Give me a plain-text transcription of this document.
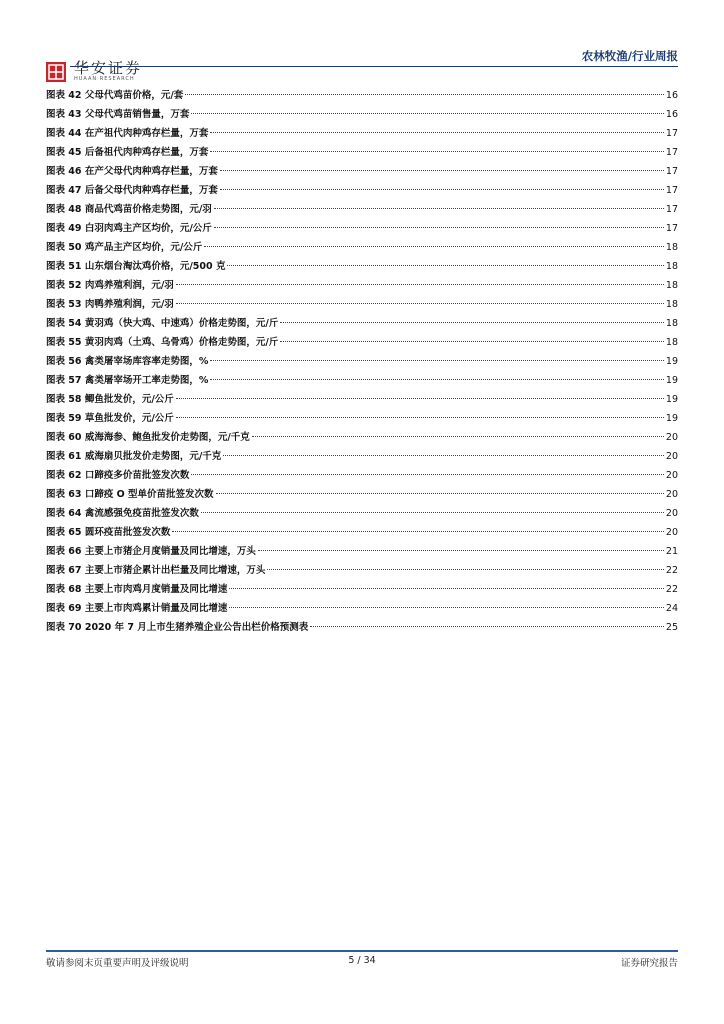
华安证券
HUAAN RESEARCH
农林牧渔/行业周报
图表 42 父母代鸡苗价格，元/套	16
图表 43 父母代鸡苗销售量，万套	16
图表 44 在产祖代肉种鸡存栏量，万套	17
图表 45 后备祖代肉种鸡存栏量，万套	17
图表 46 在产父母代肉种鸡存栏量，万套	17
图表 47 后备父母代肉种鸡存栏量，万套	17
图表 48 商品代鸡苗价格走势图，元/羽	17
图表 49 白羽肉鸡主产区均价，元/公斤	17
图表 50 鸡产品主产区均价，元/公斤	18
图表 51 山东烟台淘汰鸡价格，元/500 克	18
图表 52 肉鸡养殖利润，元/羽	18
图表 53 肉鸭养殖利润，元/羽	18
图表 54 黄羽鸡（快大鸡、中速鸡）价格走势图，元/斤	18
图表 55 黄羽肉鸡（土鸡、乌骨鸡）价格走势图，元/斤	18
图表 56 禽类屠宰场库容率走势图，%	19
图表 57 禽类屠宰场开工率走势图，%	19
图表 58 鲫鱼批发价，元/公斤	19
图表 59 草鱼批发价，元/公斤	19
图表 60 威海海参、鲍鱼批发价走势图，元/千克	20
图表 61 威海扇贝批发价走势图，元/千克	20
图表 62 口蹄疫多价苗批签发次数	20
图表 63 口蹄疫 O 型单价苗批签发次数	20
图表 64 禽流感强免疫苗批签发次数	20
图表 65 圆环疫苗批签发次数	20
图表 66 主要上市猪企月度销量及同比增速，万头	21
图表 67 主要上市猪企累计出栏量及同比增速，万头	22
图表 68 主要上市肉鸡月度销量及同比增速	22
图表 69 主要上市肉鸡累计销量及同比增速	24
图表 70 2020 年 7 月上市生猪养殖企业公告出栏价格预测表	25
敬请参阅末页重要声明及评级说明	5 / 34	证券研究报告
